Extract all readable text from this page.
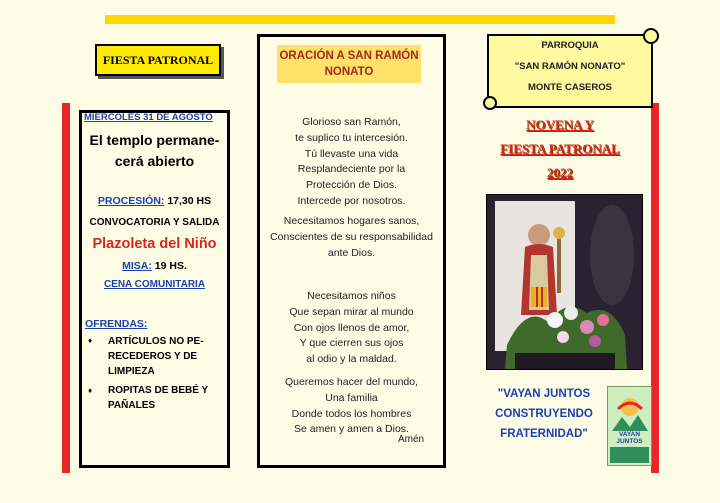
FIESTA PATRONAL
MIÉRCOLES 31 DE AGOSTO
El templo permane-
cerá abierto
PROCESIÓN: 17,30 HS
CONVOCATORIA Y SALIDA
Plazoleta del Niño
MISA: 19 HS.
CENA COMUNITARIA
OFRENDAS:
♦ ARTÍCULOS NO PE-
RECEDEROS Y DE
LIMPIEZA
♦ ROPITAS DE BEBÉ Y
PAÑALES
ORACIÓN A SAN RAMÓN
NONATO
Glorioso san Ramón,
te suplico tu intercesión.
Tú llevaste una vida
Resplandeciente por la
Protección de Dios.
Intercede por nosotros.
Necesitamos hogares sanos,
Conscientes de su responsabilidad
ante Dios.
Necesitamos niños
Que sepan mirar al mundo
Con ojos llenos de amor,
Y que cierren sus ojos
al odio y la maldad.
Queremos hacer del mundo,
Una familia
Donde todos los hombres
Se amen y amen a Dios.
Amén
PARROQUIA
"SAN RAMÓN NONATO"
MONTE CASEROS
NOVENA Y
FIESTA PATRONAL
2022
"VAYAN JUNTOS
CONSTRUYENDO
FRATERNIDAD"	VAYAN
JUNTOS
